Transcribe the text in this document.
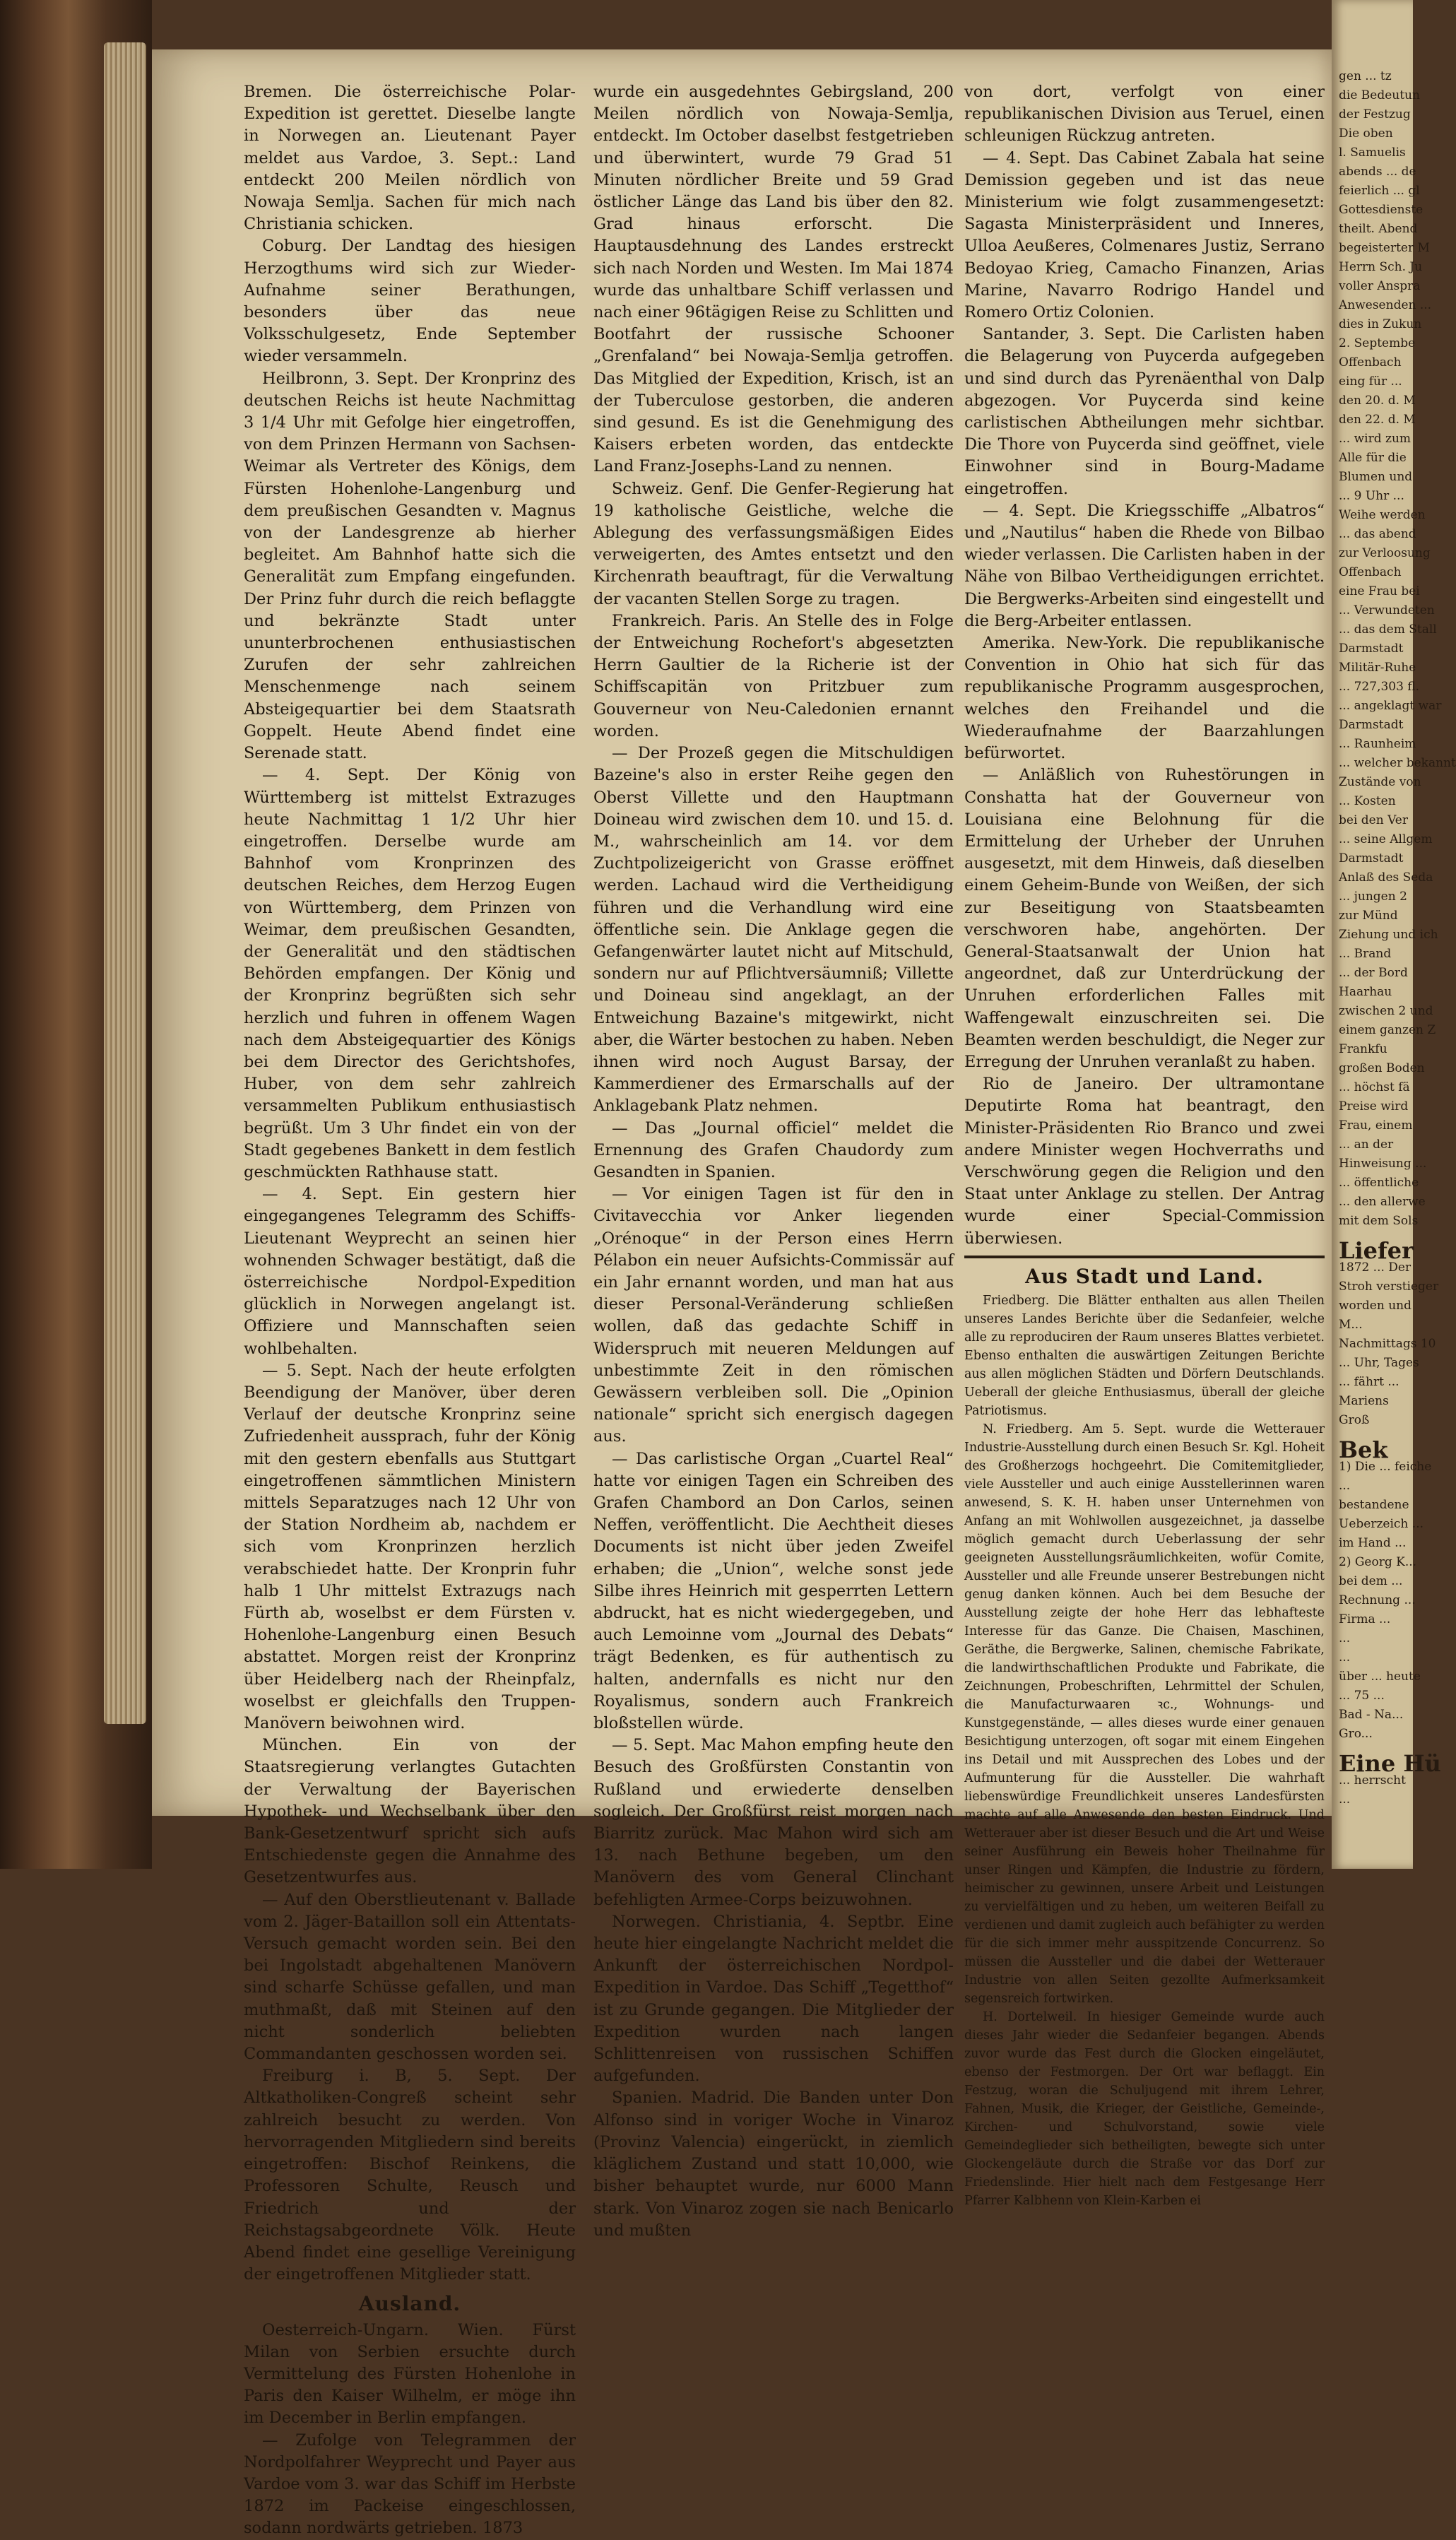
Bremen. Die österreichische Polar-Expedition ist gerettet. Dieselbe langte in Norwegen an. Lieutenant Payer meldet aus Vardoe, 3. Sept.: Land entdeckt 200 Meilen nördlich von Nowaja Semlja. Sachen für mich nach Christiania schicken.

Coburg. Der Landtag des hiesigen Herzogthums wird sich zur Wieder-Aufnahme seiner Berathungen, besonders über das neue Volksschulgesetz, Ende September wieder versammeln.

Heilbronn, 3. Sept. Der Kronprinz des deutschen Reichs ist heute Nachmittag 3 1/4 Uhr mit Gefolge hier eingetroffen, von dem Prinzen Hermann von Sachsen-Weimar als Vertreter des Königs, dem Fürsten Hohenlohe-Langenburg und dem preußischen Gesandten v. Magnus von der Landesgrenze ab hierher begleitet. Am Bahnhof hatte sich die Generalität zum Empfang eingefunden. Der Prinz fuhr durch die reich beflaggte und bekränzte Stadt unter ununterbrochenen enthusiastischen Zurufen der sehr zahlreichen Menschenmenge nach seinem Absteigequartier bei dem Staatsrath Goppelt. Heute Abend findet eine Serenade statt.

— 4. Sept. Der König von Württemberg ist mittelst Extrazuges heute Nachmittag 1 1/2 Uhr hier eingetroffen. Derselbe wurde am Bahnhof vom Kronprinzen des deutschen Reiches, dem Herzog Eugen von Württemberg, dem Prinzen von Weimar, dem preußischen Gesandten, der Generalität und den städtischen Behörden empfangen. Der König und der Kronprinz begrüßten sich sehr herzlich und fuhren in offenem Wagen nach dem Absteigequartier des Königs bei dem Director des Gerichtshofes, Huber, von dem sehr zahlreich versammelten Publikum enthusiastisch begrüßt. Um 3 Uhr findet ein von der Stadt gegebenes Bankett in dem festlich geschmückten Rathhause statt.

— 4. Sept. Ein gestern hier eingegangenes Telegramm des Schiffs-Lieutenant Weyprecht an seinen hier wohnenden Schwager bestätigt, daß die österreichische Nordpol-Expedition glücklich in Norwegen angelangt ist. Offiziere und Mannschaften seien wohlbehalten.

— 5. Sept. Nach der heute erfolgten Beendigung der Manöver, über deren Verlauf der deutsche Kronprinz seine Zufriedenheit aussprach, fuhr der König mit den gestern ebenfalls aus Stuttgart eingetroffenen sämmtlichen Ministern mittels Separatzuges nach 12 Uhr von der Station Nordheim ab, nachdem er sich vom Kronprinzen herzlich verabschiedet hatte. Der Kronprin fuhr halb 1 Uhr mittelst Extrazugs nach Fürth ab, woselbst er dem Fürsten v. Hohenlohe-Langenburg einen Besuch abstattet. Morgen reist der Kronprinz über Heidelberg nach der Rheinpfalz, woselbst er gleichfalls den Truppen-Manövern beiwohnen wird.

München. Ein von der Staatsregierung verlangtes Gutachten der Verwaltung der Bayerischen Hypothek- und Wechselbank über den Bank-Gesetzentwurf spricht sich aufs Entschiedenste gegen die Annahme des Gesetzentwurfes aus.

— Auf den Oberstlieutenant v. Ballade vom 2. Jäger-Bataillon soll ein Attentats-Versuch gemacht worden sein. Bei den bei Ingolstadt abgehaltenen Manövern sind scharfe Schüsse gefallen, und man muthmaßt, daß mit Steinen auf den nicht sonderlich beliebten Commandanten geschossen worden sei.

Freiburg i. B, 5. Sept. Der Altkatholiken-Congreß scheint sehr zahlreich besucht zu werden. Von hervorragenden Mitgliedern sind bereits eingetroffen: Bischof Reinkens, die Professoren Schulte, Reusch und Friedrich und der Reichstagsabgeordnete Völk. Heute Abend findet eine gesellige Vereinigung der eingetroffenen Mitglieder statt.

Ausland.

Oesterreich-Ungarn. Wien. Fürst Milan von Serbien ersuchte durch Vermittelung des Fürsten Hohenlohe in Paris den Kaiser Wilhelm, er möge ihn im December in Berlin empfangen.

— Zufolge von Telegrammen der Nordpolfahrer Weyprecht und Payer aus Vardoe vom 3. war das Schiff im Herbste 1872 im Packeise eingeschlossen, sodann nordwärts getrieben. 1873

wurde ein ausgedehntes Gebirgsland, 200 Meilen nördlich von Nowaja-Semlja, entdeckt. Im October daselbst festgetrieben und überwintert, wurde 79 Grad 51 Minuten nördlicher Breite und 59 Grad östlicher Länge das Land bis über den 82. Grad hinaus erforscht. Die Hauptausdehnung des Landes erstreckt sich nach Norden und Westen. Im Mai 1874 wurde das unhaltbare Schiff verlassen und nach einer 96tägigen Reise zu Schlitten und Bootfahrt der russische Schooner „Grenfaland“ bei Nowaja-Semlja getroffen. Das Mitglied der Expedition, Krisch, ist an der Tuberculose gestorben, die anderen sind gesund. Es ist die Genehmigung des Kaisers erbeten worden, das entdeckte Land Franz-Josephs-Land zu nennen.

Schweiz. Genf. Die Genfer-Regierung hat 19 katholische Geistliche, welche die Ablegung des verfassungsmäßigen Eides verweigerten, des Amtes entsetzt und den Kirchenrath beauftragt, für die Verwaltung der vacanten Stellen Sorge zu tragen.

Frankreich. Paris. An Stelle des in Folge der Entweichung Rochefort's abgesetzten Herrn Gaultier de la Richerie ist der Schiffscapitän von Pritzbuer zum Gouverneur von Neu-Caledonien ernannt worden.

— Der Prozeß gegen die Mitschuldigen Bazeine's also in erster Reihe gegen den Oberst Villette und den Hauptmann Doineau wird zwischen dem 10. und 15. d. M., wahrscheinlich am 14. vor dem Zuchtpolizeigericht von Grasse eröffnet werden. Lachaud wird die Vertheidigung führen und die Verhandlung wird eine öffentliche sein. Die Anklage gegen die Gefangenwärter lautet nicht auf Mitschuld, sondern nur auf Pflichtversäumniß; Villette und Doineau sind angeklagt, an der Entweichung Bazaine's mitgewirkt, nicht aber, die Wärter bestochen zu haben. Neben ihnen wird noch August Barsay, der Kammerdiener des Ermarschalls auf der Anklagebank Platz nehmen.

— Das „Journal officiel“ meldet die Ernennung des Grafen Chaudordy zum Gesandten in Spanien.

— Vor einigen Tagen ist für den in Civitavecchia vor Anker liegenden „Orénoque“ in der Person eines Herrn Pélabon ein neuer Aufsichts-Commissär auf ein Jahr ernannt worden, und man hat aus dieser Personal-Veränderung schließen wollen, daß das gedachte Schiff in Widerspruch mit neueren Meldungen auf unbestimmte Zeit in den römischen Gewässern verbleiben soll. Die „Opinion nationale“ spricht sich energisch dagegen aus.

— Das carlistische Organ „Cuartel Real“ hatte vor einigen Tagen ein Schreiben des Grafen Chambord an Don Carlos, seinen Neffen, veröffentlicht. Die Aechtheit dieses Documents ist nicht über jeden Zweifel erhaben; die „Union“, welche sonst jede Silbe ihres Heinrich mit gesperrten Lettern abdruckt, hat es nicht wiedergegeben, und auch Lemoinne vom „Journal des Debats“ trägt Bedenken, es für authentisch zu halten, andernfalls es nicht nur den Royalismus, sondern auch Frankreich bloßstellen würde.

— 5. Sept. Mac Mahon empfing heute den Besuch des Großfürsten Constantin von Rußland und erwiederte denselben sogleich. Der Großfürst reist morgen nach Biarritz zurück. Mac Mahon wird sich am 13. nach Bethune begeben, um den Manövern des vom General Clinchant befehligten Armee-Corps beizuwohnen.

Norwegen. Christiania, 4. Septbr. Eine heute hier eingelangte Nachricht meldet die Ankunft der österreichischen Nordpol-Expedition in Vardoe. Das Schiff „Tegetthof“ ist zu Grunde gegangen. Die Mitglieder der Expedition wurden nach langen Schlittenreisen von russischen Schiffen aufgefunden.

Spanien. Madrid. Die Banden unter Don Alfonso sind in voriger Woche in Vinaroz (Provinz Valencia) eingerückt, in ziemlich kläglichem Zustand und statt 10,000, wie bisher behauptet wurde, nur 6000 Mann stark. Von Vinaroz zogen sie nach Benicarlo und mußten

von dort, verfolgt von einer republikanischen Division aus Teruel, einen schleunigen Rückzug antreten.

— 4. Sept. Das Cabinet Zabala hat seine Demission gegeben und ist das neue Ministerium wie folgt zusammengesetzt: Sagasta Ministerpräsident und Inneres, Ulloa Aeußeres, Colmenares Justiz, Serrano Bedoyao Krieg, Camacho Finanzen, Arias Marine, Navarro Rodrigo Handel und Romero Ortiz Colonien.

Santander, 3. Sept. Die Carlisten haben die Belagerung von Puycerda aufgegeben und sind durch das Pyrenäenthal von Dalp abgezogen. Vor Puycerda sind keine carlistischen Abtheilungen mehr sichtbar. Die Thore von Puycerda sind geöffnet, viele Einwohner sind in Bourg-Madame eingetroffen.

— 4. Sept. Die Kriegsschiffe „Albatros“ und „Nautilus“ haben die Rhede von Bilbao wieder verlassen. Die Carlisten haben in der Nähe von Bilbao Vertheidigungen errichtet. Die Bergwerks-Arbeiten sind eingestellt und die Berg-Arbeiter entlassen.

Amerika. New-York. Die republikanische Convention in Ohio hat sich für das republikanische Programm ausgesprochen, welches den Freihandel und die Wiederaufnahme der Baarzahlungen befürwortet.

— Anläßlich von Ruhestörungen in Conshatta hat der Gouverneur von Louisiana eine Belohnung für die Ermittelung der Urheber der Unruhen ausgesetzt, mit dem Hinweis, daß dieselben einem Geheim-Bunde von Weißen, der sich zur Beseitigung von Staatsbeamten verschworen habe, angehörten. Der General-Staatsanwalt der Union hat angeordnet, daß zur Unterdrückung der Unruhen erforderlichen Falles mit Waffengewalt einzuschreiten sei. Die Beamten werden beschuldigt, die Neger zur Erregung der Unruhen veranlaßt zu haben.

Rio de Janeiro. Der ultramontane Deputirte Roma hat beantragt, den Minister-Präsidenten Rio Branco und zwei andere Minister wegen Hochverraths und Verschwörung gegen die Religion und den Staat unter Anklage zu stellen. Der Antrag wurde einer Special-Commission überwiesen.

Aus Stadt und Land.

Friedberg. Die Blätter enthalten aus allen Theilen unseres Landes Berichte über die Sedanfeier, welche alle zu reproduciren der Raum unseres Blattes verbietet. Ebenso enthalten die auswärtigen Zeitungen Berichte aus allen möglichen Städten und Dörfern Deutschlands. Ueberall der gleiche Enthusiasmus, überall der gleiche Patriotismus.

N. Friedberg. Am 5. Sept. wurde die Wetterauer Industrie-Ausstellung durch einen Besuch Sr. Kgl. Hoheit des Großherzogs hochgeehrt. Die Comitemitglieder, viele Aussteller und auch einige Ausstellerinnen waren anwesend, S. K. H. haben unser Unternehmen von Anfang an mit Wohlwollen ausgezeichnet, ja dasselbe möglich gemacht durch Ueberlassung der sehr geeigneten Ausstellungsräumlichkeiten, wofür Comite, Aussteller und alle Freunde unserer Bestrebungen nicht genug danken können. Auch bei dem Besuche der Ausstellung zeigte der hohe Herr das lebhafteste Interesse für das Ganze. Die Chaisen, Maschinen, Geräthe, die Bergwerke, Salinen, chemische Fabrikate, die landwirthschaftlichen Produkte und Fabrikate, die Zeichnungen, Probeschriften, Lehrmittel der Schulen, die Manufacturwaaren ꝛc., Wohnungs- und Kunstgegenstände, — alles dieses wurde einer genauen Besichtigung unterzogen, oft sogar mit einem Eingehen ins Detail und mit Aussprechen des Lobes und der Aufmunterung für die Aussteller. Die wahrhaft liebenswürdige Freundlichkeit unseres Landesfürsten machte auf alle Anwesende den besten Eindruck. Und Wetterauer aber ist dieser Besuch und die Art und Weise seiner Ausführung ein Beweis hoher Theilnahme für unser Ringen und Kämpfen, die Industrie zu fördern, heimischer zu gewinnen, unsere Arbeit und Leistungen zu vervielfältigen und zu heben, um weiteren Beifall zu verdienen und damit zugleich auch befähigter zu werden für die sich immer mehr ausspitzende Concurrenz. So müssen die Aussteller und die dabei der Wetterauer Industrie von allen Seiten gezollte Aufmerksamkeit segensreich fortwirken.

H. Dortelweil. In hiesiger Gemeinde wurde auch dieses Jahr wieder die Sedanfeier begangen. Abends zuvor wurde das Fest durch die Glocken eingeläutet, ebenso der Festmorgen. Der Ort war beflaggt. Ein Festzug, woran die Schuljugend mit ihrem Lehrer, Fahnen, Musik, die Krieger, der Geistliche, Gemeinde-, Kirchen- und Schulvorstand, sowie viele Gemeindeglieder sich betheiligten, bewegte sich unter Glockengeläute durch die Straße vor das Dorf zur Friedenslinde. Hier hielt nach dem Festgesange Herr Pfarrer Kalbhenn von Klein-Karben ei

gen ... tz
die Bedeutun
der Festzug
Die oben
l. Samuelis
abends ... de
feierlich ... gl
Gottesdienste
theilt. Abend
begeisterter M
Herrn Sch. Ju
voller Anspra
Anwesenden ...
dies in Zukun
2. Septembe
Offenbach
eing für ...
den 20. d. M
den 22. d. M
... wird zum
Alle für die
Blumen und
... 9 Uhr ...
Weihe werden
... das abend
zur Verloosung
Offenbach
eine Frau bei
... Verwundeten
... das dem Stall
Darmstadt
Militär-Ruhe
... 727,303 fl.
... angeklagt war
Darmstadt
... Raunheim
... welcher bekannt
Zustände von
... Kosten
bei den Ver
... seine Allgem
Darmstadt
Anlaß des Seda
... jungen 2
zur Münd
Ziehung und ich
... Brand
... der Bord
Haarhau
zwischen 2 und
einem ganzen Z
Frankfu
großen Boden
... höchst fä
Preise wird
Frau, einem
... an der
Hinweisung ...
... öffentliche
... den allerwe
mit dem Sols
Liefer
1872 ... Der
Stroh verstieger
worden und
M...
Nachmittags 10
... Uhr, Tages
... fährt ...
Mariens
Groß
Bek
1) Die ... feiche
...
bestandene
Ueberzeich ...
im Hand ...
2) Georg K...
bei dem ...
Rechnung ...
Firma ...
...
...
über ... heute
... 75 ...
Bad - Na...
Gro...
Eine Hü
... herrscht
...
